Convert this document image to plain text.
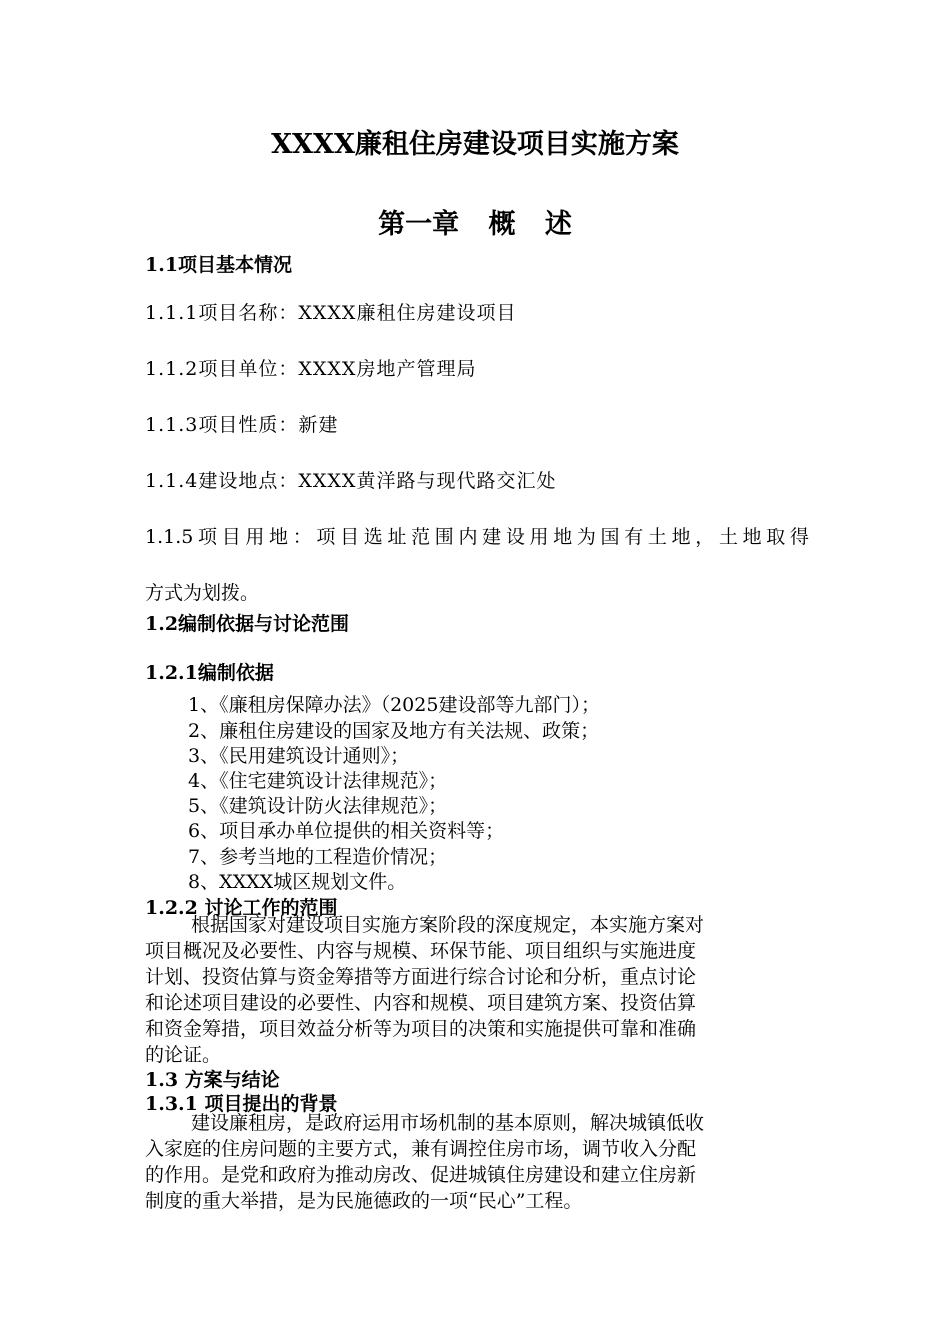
XXXX廉租住房建设项目实施方案
第一章 概 述
1.1项目基本情况
1.1.1项目名称：XXXX廉租住房建设项目
1.1.2项目单位：XXXX房地产管理局
1.1.3项目性质：新建
1.1.4建设地点：XXXX黄洋路与现代路交汇处
1.1.5项目用地：项目选址范围内建设用地为国有土地，土地取得
方式为划拨。
1.2编制依据与讨论范围
1.2.1编制依据
1、《廉租房保障办法》（2025建设部等九部门）；
2、廉租住房建设的国家及地方有关法规、政策；
3、《民用建筑设计通则》；
4、《住宅建筑设计法律规范》；
5、《建筑设计防火法律规范》；
6、项目承办单位提供的相关资料等；
7、参考当地的工程造价情况；
8、XXXX城区规划文件。
1.2.2 讨论工作的范围
根据国家对建设项目实施方案阶段的深度规定，本实施方案对
项目概况及必要性、内容与规模、环保节能、项目组织与实施进度
计划、投资估算与资金筹措等方面进行综合讨论和分析，重点讨论
和论述项目建设的必要性、内容和规模、项目建筑方案、投资估算
和资金筹措，项目效益分析等为项目的决策和实施提供可靠和准确
的论证。
1.3 方案与结论
1.3.1 项目提出的背景
建设廉租房，是政府运用市场机制的基本原则，解决城镇低收
入家庭的住房问题的主要方式，兼有调控住房市场，调节收入分配
的作用。是党和政府为推动房改、促进城镇住房建设和建立住房新
制度的重大举措，是为民施德政的一项“民心”工程。
